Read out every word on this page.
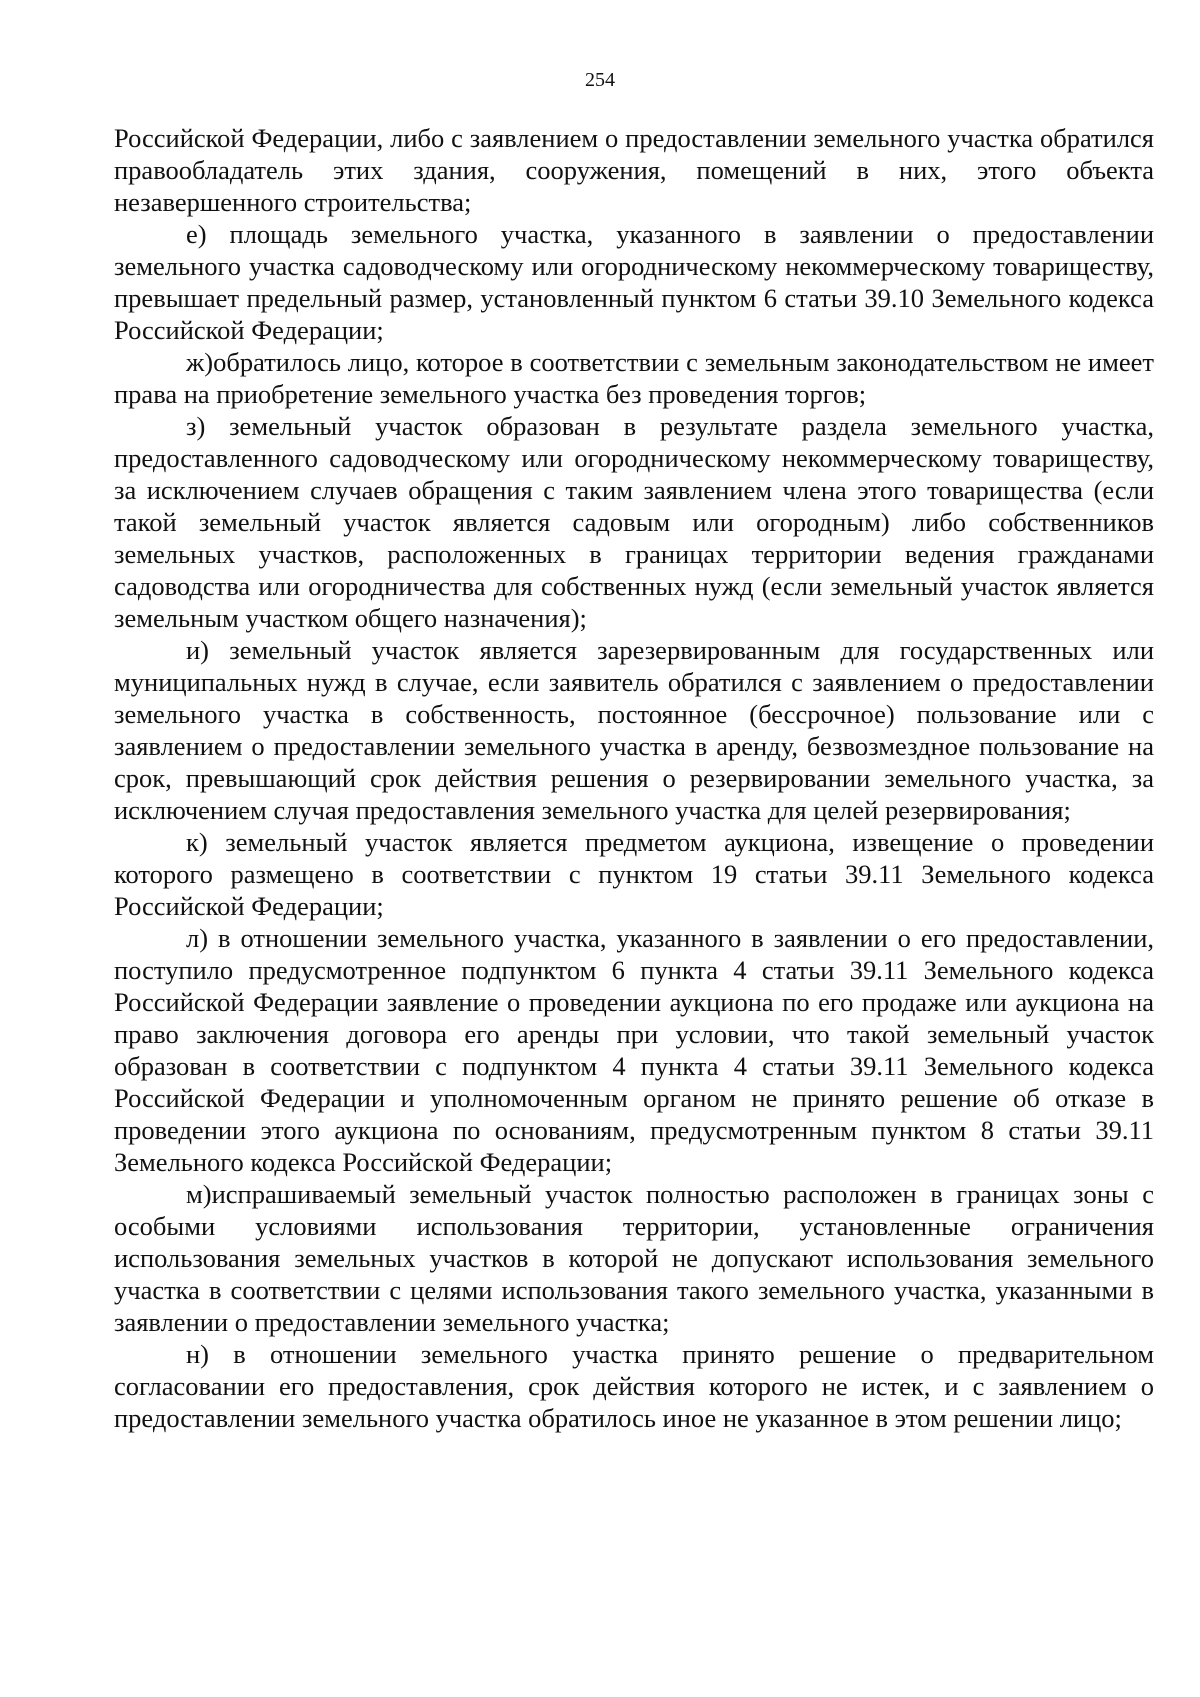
254

Российской Федерации, либо с заявлением о предоставлении земельного участка обратился правообладатель этих здания, сооружения, помещений в них, этого объекта незавершенного строительства;

е) площадь земельного участка, указанного в заявлении о предоставлении земельного участка садоводческому или огородническому некоммерческому товариществу, превышает предельный размер, установленный пунктом 6 статьи 39.10 Земельного кодекса Российской Федерации;

ж)обратилось лицо, которое в соответствии с земельным законодательством не имеет права на приобретение земельного участка без проведения торгов;

з) земельный участок образован в результате раздела земельного участка, предоставленного садоводческому или огородническому некоммерческому товариществу, за исключением случаев обращения с таким заявлением члена этого товарищества (если такой земельный участок является садовым или огородным) либо собственников земельных участков, расположенных в границах территории ведения гражданами садоводства или огородничества для собственных нужд (если земельный участок является земельным участком общего назначения);

и) земельный участок является зарезервированным для государственных или муниципальных нужд в случае, если заявитель обратился с заявлением о предоставлении земельного участка в собственность, постоянное (бессрочное) пользование или с заявлением о предоставлении земельного участка в аренду, безвозмездное пользование на срок, превышающий срок действия решения о резервировании земельного участка, за исключением случая предоставления земельного участка для целей резервирования;

к) земельный участок является предметом аукциона, извещение о проведении которого размещено в соответствии с пунктом 19 статьи 39.11 Земельного кодекса Российской Федерации;

л) в отношении земельного участка, указанного в заявлении о его предоставлении, поступило предусмотренное подпунктом 6 пункта 4 статьи 39.11 Земельного кодекса Российской Федерации заявление о проведении аукциона по его продаже или аукциона на право заключения договора его аренды при условии, что такой земельный участок образован в соответствии с подпунктом 4 пункта 4 статьи 39.11 Земельного кодекса Российской Федерации и уполномоченным органом не принято решение об отказе в проведении этого аукциона по основаниям, предусмотренным пунктом 8 статьи 39.11 Земельного кодекса Российской Федерации;

м)испрашиваемый земельный участок полностью расположен в границах зоны с особыми условиями использования территории, установленные ограничения использования земельных участков в которой не допускают использования земельного участка в соответствии с целями использования такого земельного участка, указанными в заявлении о предоставлении земельного участка;

н) в отношении земельного участка принято решение о предварительном согласовании его предоставления, срок действия которого не истек, и с заявлением о предоставлении земельного участка обратилось иное не указанное в этом решении лицо;
